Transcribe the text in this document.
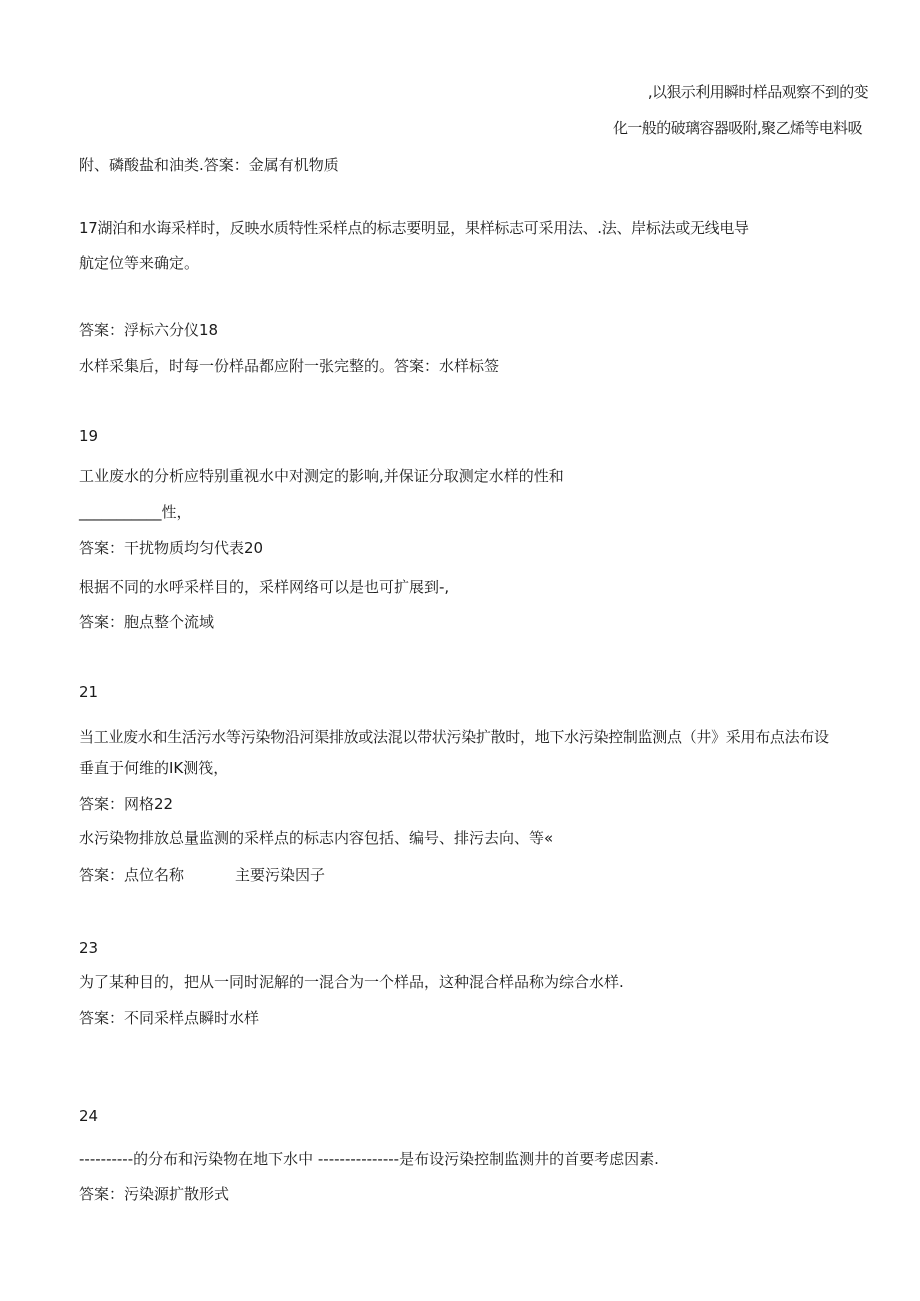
,以狠示利用瞬时样品观察不到的变
化一般的破璃容器吸附,聚乙烯等电料吸
附、磷酸盐和油类.答案：金属有机物质
17湖泊和水诲采样时，反映水质特性采样点的标志要明显，果样标志可采用法、.法、岸标法或无线电导
航定位等来确定。
答案：浮标六分仪18
水样采集后，时每一份样品都应附一张完整的。答案：水样标签
19
工业废水的分析应特别重视水中对测定的影响,并保证分取测定水样的性和
___________性，
答案：干扰物质均匀代表20
根据不同的水呼采样目的，采样网络可以是也可扩展到-,
答案：胞点整个流域
21
当工业废水和生活污水等污染物沿河渠排放或法混以带状污染扩散时，地下水污染控制监测点（井》采用布点法布设
垂直于何维的IK测筏，
答案：网格22
水污染物排放总量监测的采样点的标志内容包括、编号、排污去向、等«
答案：点位名称	主要污染因子
23
为了某种目的，把从一同时泥解的一混合为一个样品，这种混合样品称为综合水样.
答案：不同采样点瞬时水样
24
----------的分布和污染物在地下水中 ---------------是布设污染控制监测井的首要考虑因素.
答案：污染源扩散形式
